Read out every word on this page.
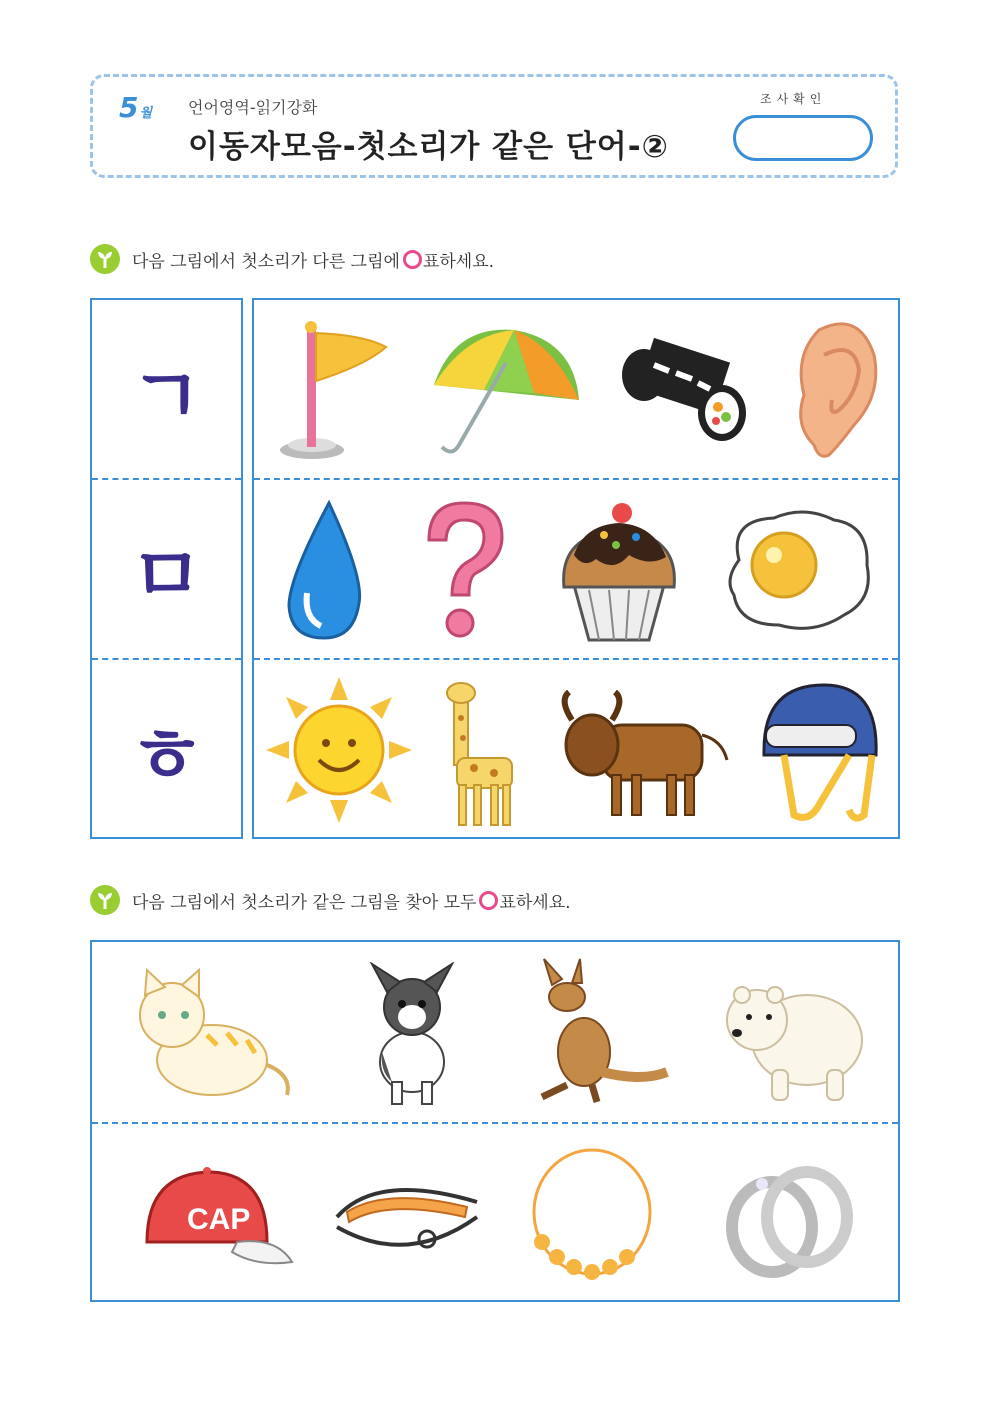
5월 언어영역-읽기강화
이동자모음-첫소리가 같은 단어-②
조사확인
다음 그림에서 첫소리가 다른 그림에 ○ 표하세요.
ㄱ
ㅁ
ㅎ
다음 그림에서 첫소리가 같은 그림을 찾아 모두 ○ 표하세요.
CAP
